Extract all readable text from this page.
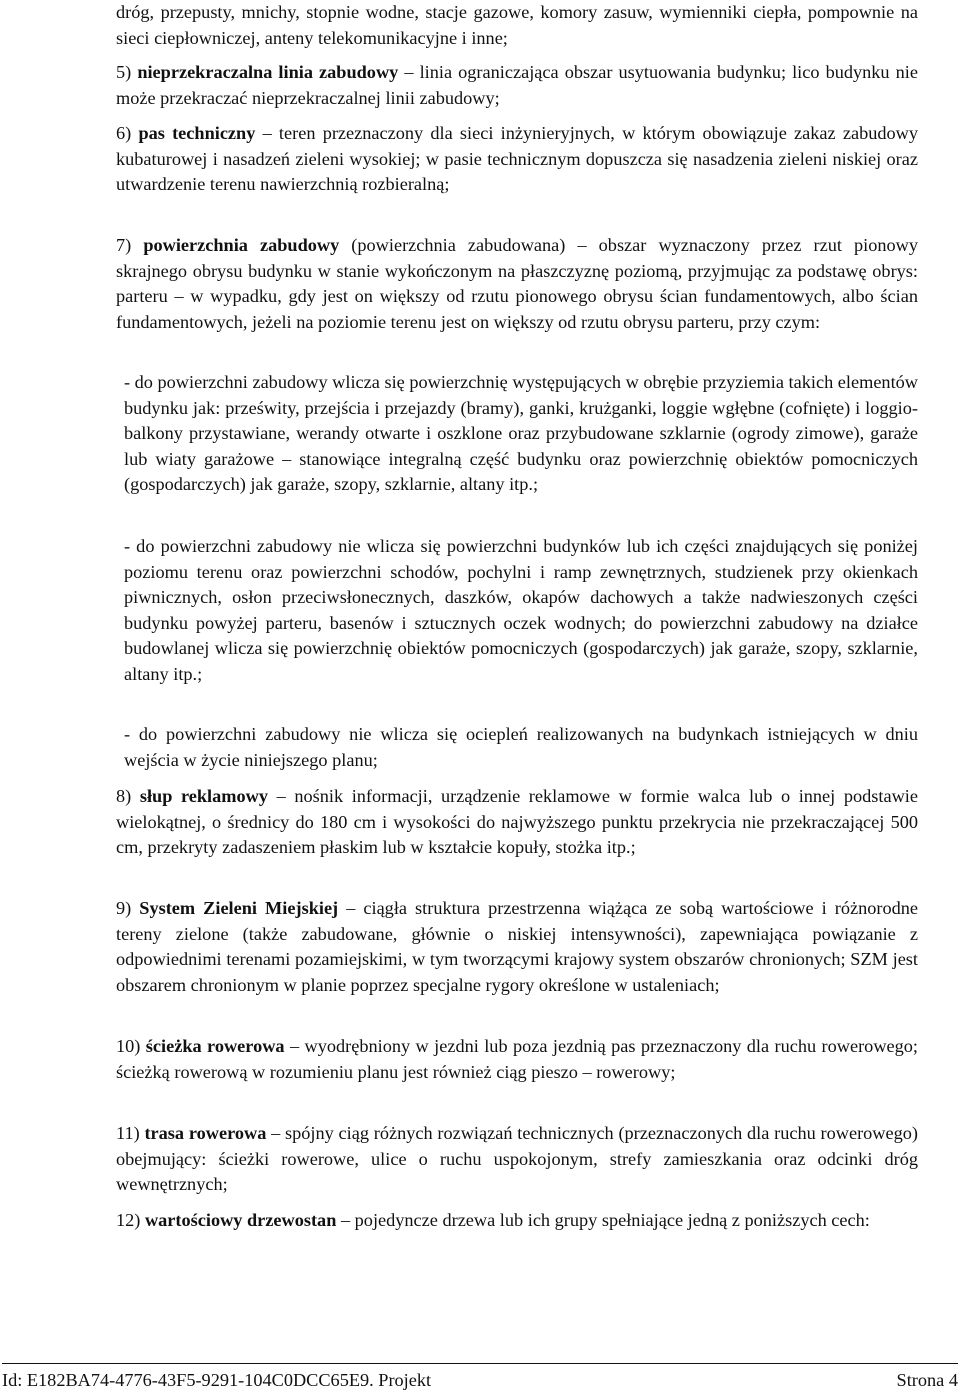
dróg, przepusty, mnichy, stopnie wodne, stacje gazowe, komory zasuw, wymienniki ciepła, pompownie na sieci ciepłowniczej, anteny telekomunikacyjne i inne;

5) nieprzekraczalna linia zabudowy – linia ograniczająca obszar usytuowania budynku; lico budynku nie może przekraczać nieprzekraczalnej linii zabudowy;

6) pas techniczny – teren przeznaczony dla sieci inżynieryjnych, w którym obowiązuje zakaz zabudowy kubaturowej i nasadzeń zieleni wysokiej; w pasie technicznym dopuszcza się nasadzenia zieleni niskiej oraz utwardzenie terenu nawierzchnią rozbieralną;

7) powierzchnia zabudowy (powierzchnia zabudowana) – obszar wyznaczony przez rzut pionowy skrajnego obrysu budynku w stanie wykończonym na płaszczyznę poziomą, przyjmując za podstawę obrys: parteru – w wypadku, gdy jest on większy od rzutu pionowego obrysu ścian fundamentowych, albo ścian fundamentowych, jeżeli na poziomie terenu jest on większy od rzutu obrysu parteru, przy czym:

- do powierzchni zabudowy wlicza się powierzchnię występujących w obrębie przyziemia takich elementów budynku jak: prześwity, przejścia i przejazdy (bramy), ganki, krużganki, loggie wgłębne (cofnięte) i loggio-balkony przystawiane, werandy otwarte i oszklone oraz przybudowane szklarnie (ogrody zimowe), garaże lub wiaty garażowe – stanowiące integralną część budynku oraz powierzchnię obiektów pomocniczych (gospodarczych) jak garaże, szopy, szklarnie, altany itp.;

- do powierzchni zabudowy nie wlicza się powierzchni budynków lub ich części znajdujących się poniżej poziomu terenu oraz powierzchni schodów, pochylni i ramp zewnętrznych, studzienek przy okienkach piwnicznych, osłon przeciwsłonecznych, daszków, okapów dachowych a także nadwieszonych części budynku powyżej parteru, basenów i sztucznych oczek wodnych; do powierzchni zabudowy na działce budowlanej wlicza się powierzchnię obiektów pomocniczych (gospodarczych) jak garaże, szopy, szklarnie, altany itp.;

- do powierzchni zabudowy nie wlicza się ociepleń realizowanych na budynkach istniejących w dniu wejścia w życie niniejszego planu;

8) słup reklamowy – nośnik informacji, urządzenie reklamowe w formie walca lub o innej podstawie wielokątnej, o średnicy do 180 cm i wysokości do najwyższego punktu przekrycia nie przekraczającej 500 cm, przekryty zadaszeniem płaskim lub w kształcie kopuły, stożka itp.;

9) System Zieleni Miejskiej – ciągła struktura przestrzenna wiążąca ze sobą wartościowe i różnorodne tereny zielone (także zabudowane, głównie o niskiej intensywności), zapewniająca powiązanie z odpowiednimi terenami pozamiejskimi, w tym tworzącymi krajowy system obszarów chronionych; SZM jest obszarem chronionym w planie poprzez specjalne rygory określone w ustaleniach;

10) ścieżka rowerowa – wyodrębniony w jezdni lub poza jezdnią pas przeznaczony dla ruchu rowerowego; ścieżką rowerową w rozumieniu planu jest również ciąg pieszo – rowerowy;

11) trasa rowerowa – spójny ciąg różnych rozwiązań technicznych (przeznaczonych dla ruchu rowerowego) obejmujący: ścieżki rowerowe, ulice o ruchu uspokojonym, strefy zamieszkania oraz odcinki dróg wewnętrznych;

12) wartościowy drzewostan – pojedyncze drzewa lub ich grupy spełniające jedną z poniższych cech:

Id: E182BA74-4776-43F5-9291-104C0DCC65E9. Projekt	Strona 4
